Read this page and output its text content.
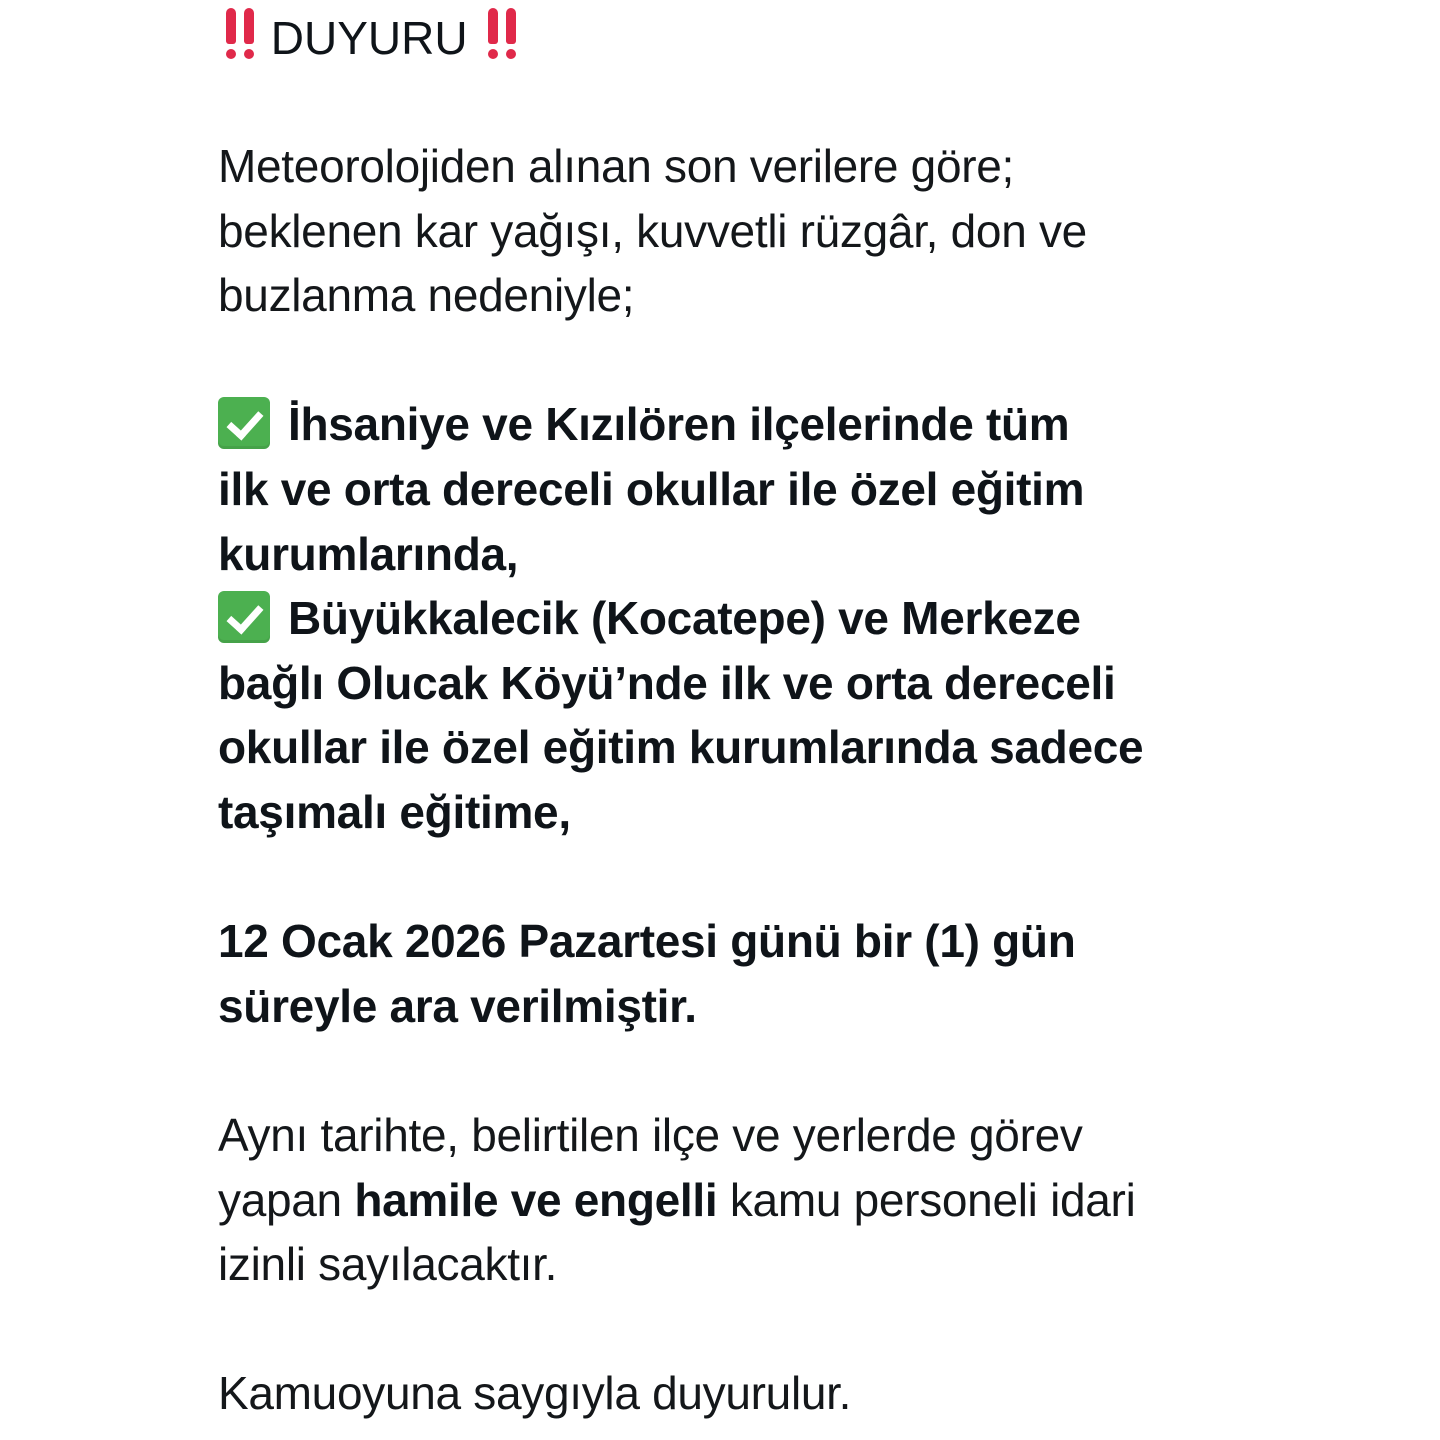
DUYURU
Meteorolojiden alınan son verilere göre;
beklenen kar yağışı, kuvvetli rüzgâr, don ve
buzlanma nedeniyle;
İhsaniye ve Kızılören ilçelerinde tüm
ilk ve orta dereceli okullar ile özel eğitim
kurumlarında,
Büyükkalecik (Kocatepe) ve Merkeze
bağlı Olucak Köyü’nde ilk ve orta dereceli
okullar ile özel eğitim kurumlarında sadece
taşımalı eğitime,
12 Ocak 2026 Pazartesi günü bir (1) gün
süreyle ara verilmiştir.
Aynı tarihte, belirtilen ilçe ve yerlerde görev
yapan hamile ve engelli kamu personeli idari
izinli sayılacaktır.
Kamuoyuna saygıyla duyurulur.
